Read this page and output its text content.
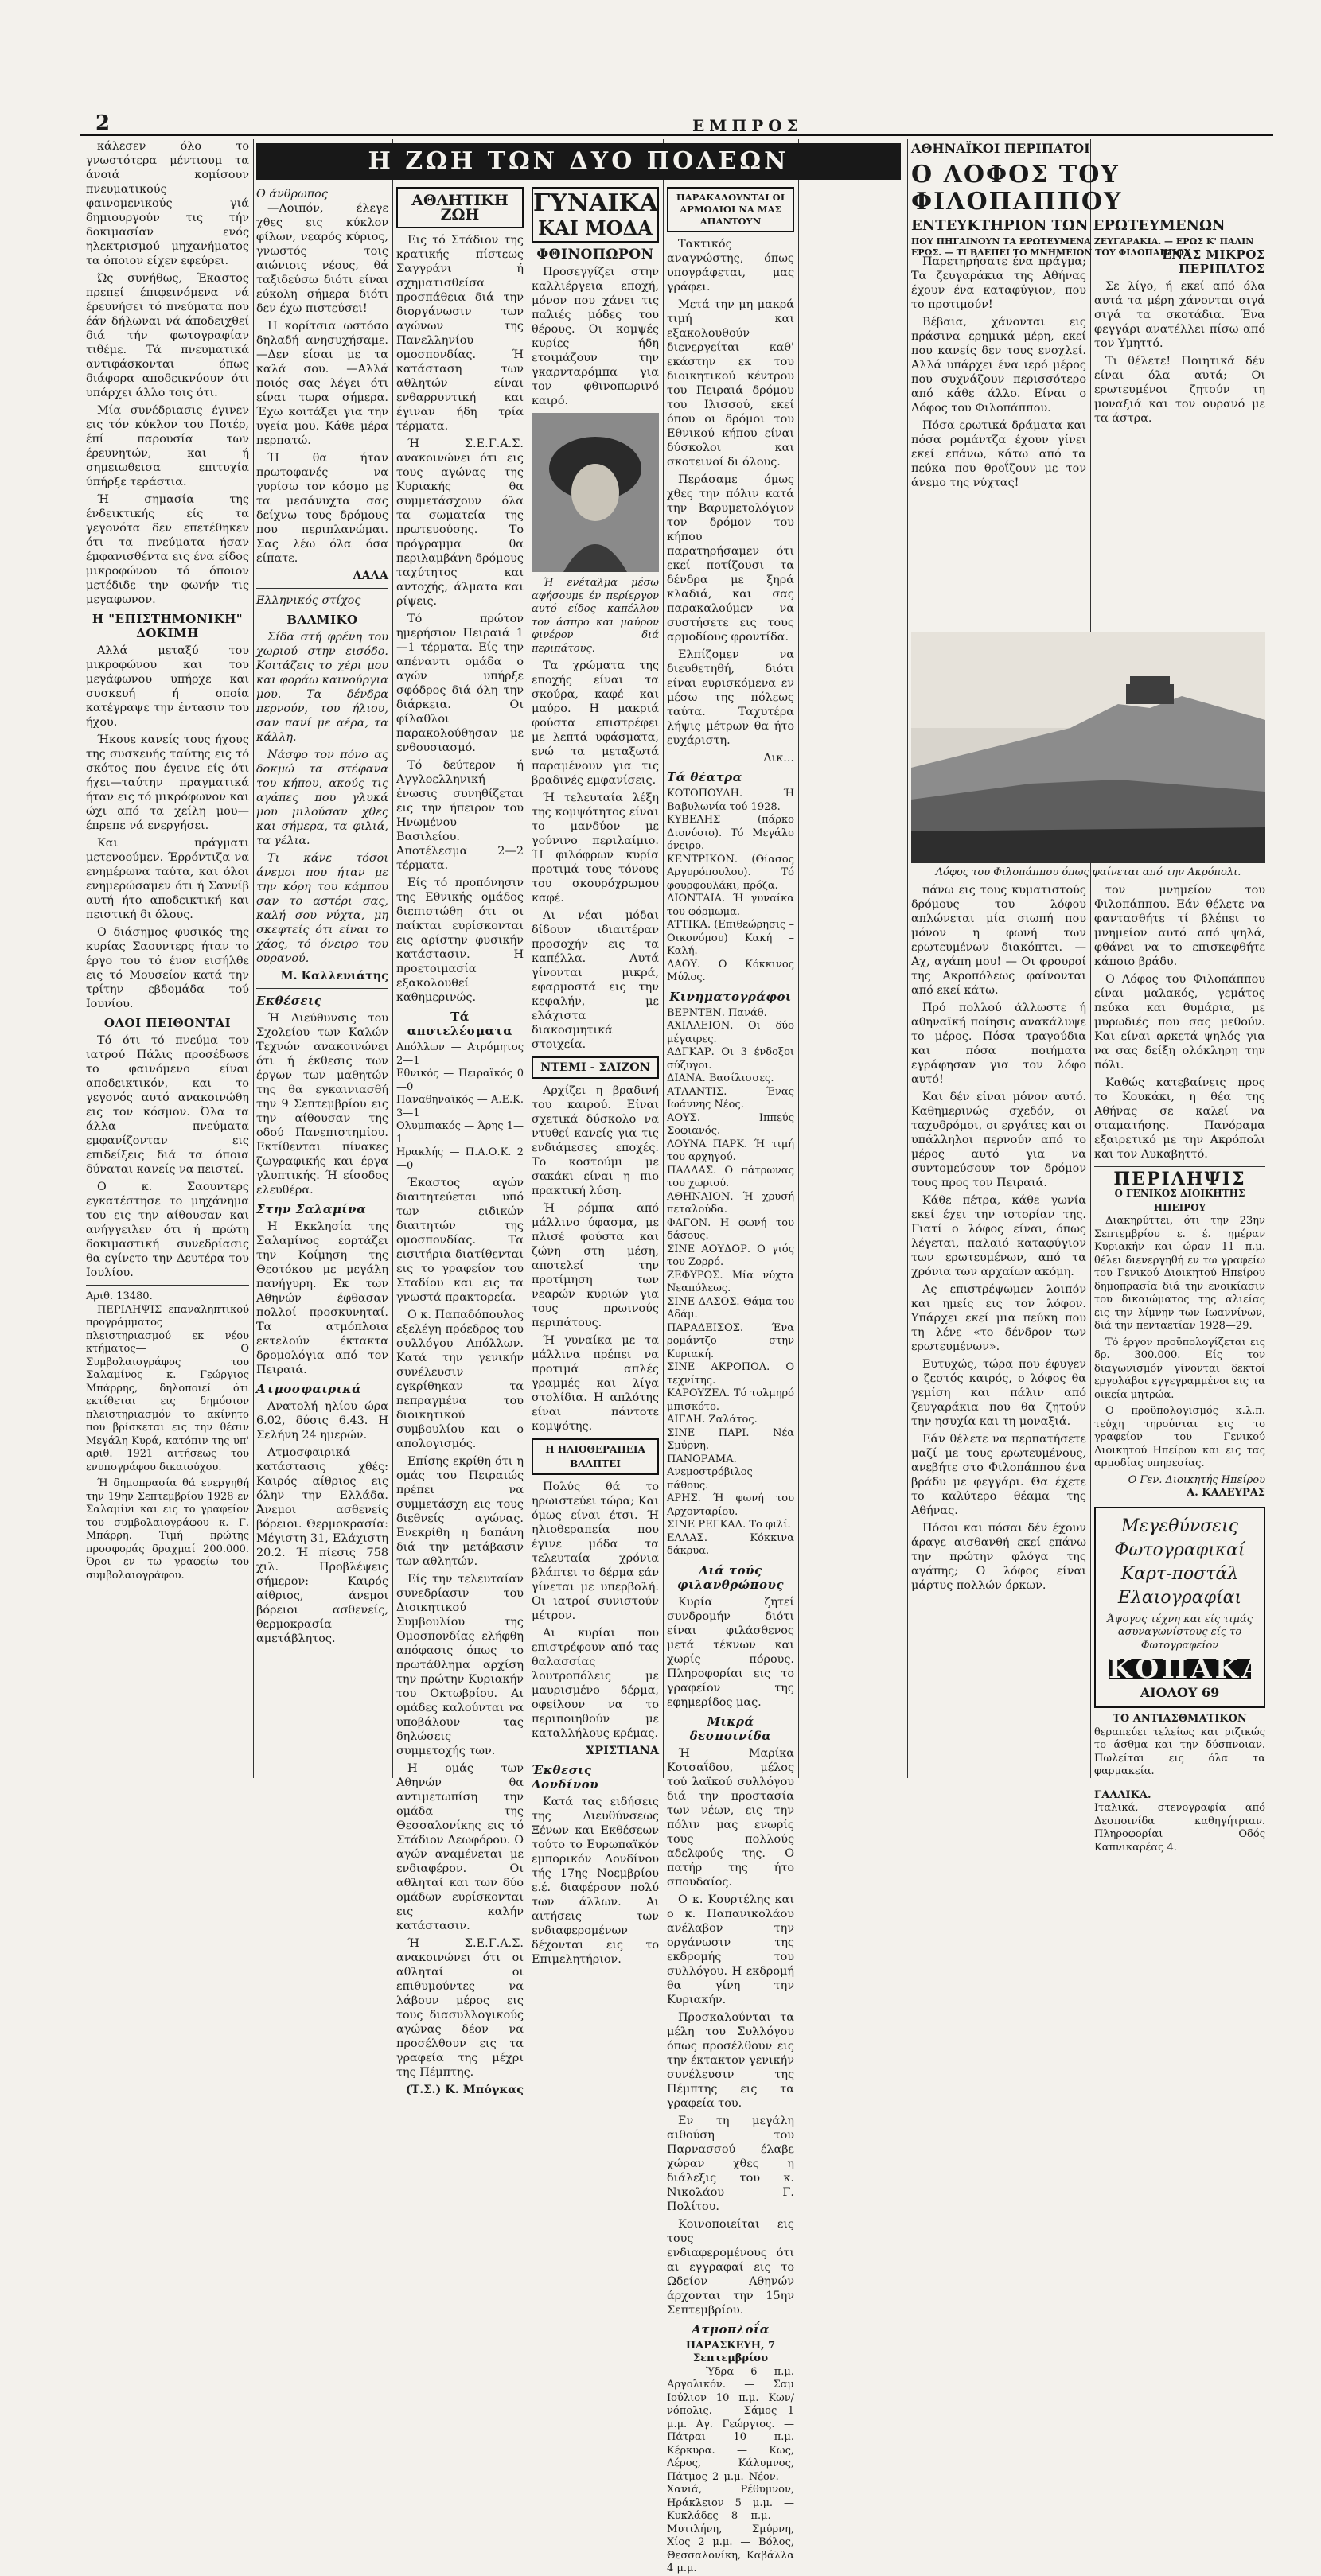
2	ΕΜΠΡΟΣ

κάλεσεν όλο το γνωστότερα μέντιουμ τα άνοιά κομίσουν πνευματικούς φαινομενικούς γιά δημιουργούν τις τήν δοκιμασίαν ενός ηλεκτρισμού μηχανήματος τα όποιον είχεν εφεύρει.

Ώς συνήθως, Έκαστος πρεπεί έπιφεινόμενα νά έρευνήσει τό πνεύματα που έάν δήλωναι νά άποδειχθεί διά τήν φωτογραφίαν τιθέμε. Τά πνευματικά αντιφάσκονται όπως διάφορα αποδεικνύουν ότι υπάρχει άλλο τοις ότι.

Μία συνέδριασις έγινεν εις τόν κύκλον του Ποτέρ, έπί παρουσία των έρευνητών, και ή σημειωθεισα επιτυχία ύπήρξε τεράστια.

Ή σημασία της ένδεικτικής είς τα γεγονότα δεν επετέθηκεν ότι τα πνεύματα ήσαν έμφανισθέντα εις ένα είδος μικροφώνου τό όποιον μετέδιδε την φωνήν τις μεγαφωνον.

Η "ΕΠΙΣΤΗΜΟΝΙΚΗ" ΔΟΚΙΜΗ

Αλλά μεταξύ του μικροφώνου και του μεγάφωνου υπήρχε και συσκευή ή οποία κατέγραψε την έντασιν του ήχου.

Ήκουε κανείς τους ήχους της συσκευής ταύτης εις τό σκότος που έγεινε είς ότι ήχει—ταύτην πραγματικά ήταν εις τό μικρόφωνον και ώχι από τα χείλη μου—έπρεπε νά ενεργήσει.

Και πράγματι μετενοούμεν. Έρρόντιζα να ενημέρωνα ταύτα, και όλοι ενημερώσαμεν ότι ή Σαννίβ αυτή ήτο αποδεικτική και πειστική δι όλους.

Ο διάσημος φυσικός της κυρίας Σαουντερς ήταν το έργο του τό ένον εισήλθε εις τό Μουσείον κατά την τρίτην εβδομάδα τού Ιουνίου.

ΟΛΟΙ ΠΕΙΘΟΝΤΑΙ

Τό ότι τό πνεύμα του ιατρού Πάλις προσέδωσε το φαινόμενο είναι αποδεικτικόν, και το γεγονός αυτό ανακοινώθη εις τον κόσμον. Όλα τα άλλα πνεύματα εμφανίζονταν εις επιδείξεις διά τα όποια δύναται κανείς να πειστεί.

Ο κ. Σαουντερς εγκατέστησε το μηχάνημα του εις την αίθουσαν και ανήγγειλεν ότι ή πρώτη δοκιμαστική συνεδρίασις θα εγίνετο την Δευτέρα του Ιουλίου.

Αριθ. 13480.

ΠΕΡΙΛΗΨΙΣ επαναληπτικού προγράμματος πλειστηριασμού εκ νέου κτήματος— Ο Συμβολαιογράφος του Σαλαμίνος κ. Γεώργιος Μπάρρης, δηλοποιεί ότι εκτίθεται εις δημόσιον πλειστηριασμόν το ακίνητο που βρίσκεται εις την θέσιν Μεγάλη Κυρά, κατόπιν της υπ' αριθ. 1921 αιτήσεως του ενυπογράφου δικαιούχου.

Ή δημοπρασία θά ενεργηθή την 19ην Σεπτεμβρίου 1928 εν Σαλαμίνι και εις το γραφείον του συμβολαιογράφου κ. Γ. Μπάρρη. Τιμή πρώτης προσφοράς δραχμαί 200.000. Όροι εν τω γραφείω του συμβολαιογράφου.

Η ΖΩΗ ΤΩΝ ΔΥΟ ΠΟΛΕΩΝ
Ο άνθρωπος

—Λοιπόν, έλεγε χθες εις κύκλον φίλων, νεαρός κύριος, γνωστός τοις αιώνιοις νέους, θά ταξιδεύσω διότι είναι εύκολη σήμερα διότι δεν έχω πιστεύσει!

Η κορίτσια ωστόσο δηλαδή ανησυχήσαμε. —Δεν είσαι με τα καλά σου. —Αλλά ποιός σας λέγει ότι είναι τωρα σήμερα. Έχω κοιτάξει για την υγεία μου. Κάθε μέρα περπατώ.

Ή θα ήταν πρωτοφανές να γυρίσω τον κόσμο με τα μεσάνυχτα σας δείχνω τους δρόμους που περιπλανώμαι. Σας λέω όλα όσα είπατε.

ΛΑΛΑ
Ελληνικός στίχος
ΒΑΛΜΙΚΟ

Σίδα στή φρένη του χωριού στην εισόδο. Κοιτάζεις το χέρι μου και φοράω καινούργια μου. Τα δένδρα περνούν, του ήλιου, σαν πανί με αέρα, τα κάλλη.

Νάσφο τον πόνο ας δοκμώ τα στέφανα του κήπου, ακούς τις αγάπες που γλυκά μου μιλούσαν χθες και σήμερα, τα φιλιά, τα γέλια.

Τι κάνε τόσοι άνεμοι που ήταν με την κόρη του κάμπου σαν το αστέρι σας, καλή σου νύχτα, μη σκεφτείς ότι είναι το χάος, τό όνειρο του ουρανού.

Μ. Καλλενιάτης
Εκθέσεις

Ή Διεύθυνσις του Σχολείου των Καλών Τεχνών ανακοινώνει ότι ή έκθεσις των έργων των μαθητών της θα εγκαινιασθή την 9 Σεπτεμβρίου εις την αίθουσαν της οδού Πανεπιστημίου. Εκτίθενται πίνακες ζωγραφικής και έργα γλυπτικής. Ή είσοδος ελευθέρα.

Στην Σαλαμίνα

Η Εκκλησία της Σαλαμίνος εορτάζει την Κοίμηση της Θεοτόκου με μεγάλη πανήγυρη. Εκ των Αθηνών έφθασαν πολλοί προσκυνηταί. Τα ατμόπλοια εκτελούν έκτακτα δρομολόγια από τον Πειραιά.

Ατμοσφαιρικά

Ανατολή ηλίου ώρα 6.02, δύσις 6.43. Η Σελήνη 24 ημερών.

Ατμοσφαιρικά κατάστασις χθές: Καιρός αίθριος εις όλην την Ελλάδα. Άνεμοι ασθενείς βόρειοι. Θερμοκρασία: Μέγιστη 31, Ελάχιστη 20.2. Ή πίεσις 758 χιλ. Προβλέψεις σήμερον: Καιρός αίθριος, άνεμοι βόρειοι ασθενείς, θερμοκρασία αμετάβλητος.

ΑΘΛΗΤΙΚΗ ΖΩΗ

Εις τό Στάδιον της κρατικής πίστεως Σαγγράνι ή σχηματισθείσα προσπάθεια διά την διοργάνωσιν των αγώνων της Πανελληνίου ομοσπονδίας. Ή κατάσταση των αθλητών είναι ενθαρρυντική και έγιναν ήδη τρία τέρματα.

Ή Σ.Ε.Γ.Α.Σ. ανακοινώνει ότι εις τους αγώνας της Κυριακής θα συμμετάσχουν όλα τα σωματεία της πρωτευούσης. Το πρόγραμμα θα περιλαμβάνη δρόμους ταχύτητος και αντοχής, άλματα και ρίψεις.

Τό πρώτον ημερήσιον Πειραιά 1—1 τέρματα. Είς την απέναντι ομάδα ο αγών υπήρξε σφόδρος διά όλη την διάρκεια. Οι φίλαθλοι παρακολούθησαν με ενθουσιασμό.

Τό δεύτερον ή Αγγλοελληνική ένωσις συνηθίζεται εις την ήπειρον του Ηνωμένου Βασιλείου. Αποτέλεσμα 2—2 τέρματα.

Είς τό προπόνησιν της Εθνικής ομάδος διεπιστώθη ότι οι παίκται ευρίσκονται εις αρίστην φυσικήν κατάστασιν. Η προετοιμασία εξακολουθεί καθημερινώς.

Τά αποτελέσματα
Απόλλων — Ατρόμητος 2—1
Εθνικός — Πειραϊκός 0—0
Παναθηναϊκός — Α.Ε.Κ. 3—1
Ολυμπιακός — Άρης 1—1
Ηρακλής — Π.Α.Ο.Κ. 2—0

Έκαστος αγών διαιτητεύεται υπό των ειδικών διαιτητών της ομοσπονδίας. Τα εισιτήρια διατίθενται εις το γραφείον του Σταδίου και εις τα γνωστά πρακτορεία.

Ο κ. Παπαδόπουλος εξελέγη πρόεδρος του συλλόγου Απόλλων. Κατά την γενικήν συνέλευσιν εγκρίθηκαν τα πεπραγμένα του διοικητικού συμβουλίου και ο απολογισμός.

Επίσης εκρίθη ότι η ομάς του Πειραιώς πρέπει να συμμετάσχη εις τους διεθνείς αγώνας. Ενεκρίθη η δαπάνη διά την μετάβασιν των αθλητών.

Είς την τελευταίαν συνεδρίασιν του Διοικητικού Συμβουλίου της Ομοσπονδίας ελήφθη απόφασις όπως το πρωτάθλημα αρχίση την πρώτην Κυριακήν του Οκτωβρίου. Αι ομάδες καλούνται να υποβάλουν τας δηλώσεις συμμετοχής των.

Η ομάς των Αθηνών θα αντιμετωπίση την ομάδα της Θεσσαλονίκης εις τό Στάδιον Λεωφόρου. Ο αγών αναμένεται με ενδιαφέρον. Οι αθληταί και των δύο ομάδων ευρίσκονται εις καλήν κατάστασιν.

Ή Σ.Ε.Γ.Α.Σ. ανακοινώνει ότι οι αθληταί οι επιθυμούντες να λάβουν μέρος εις τους διασυλλογικούς αγώνας δέον να προσέλθουν εις τα γραφεία της μέχρι της Πέμπτης.

(Τ.Σ.) Κ. Μπόγκας
ΓΥΝΑΙΚΑ
ΚΑΙ ΜΟΔΑ
ΦΘΙΝΟΠΩΡΟΝ

Προσεγγίζει στην καλλιέργεια εποχή, μόνον που χάνει τις παλιές μόδες του θέρους. Οι κομψές κυρίες ήδη ετοιμάζουν την γκαρνταρόμπα για τον φθινοπωρινό καιρό.

Ή ενέταλμα μέσω αφήσουμε έν περίεργον αυτό είδος καπέλλου τον άσπρο και μαύρον φινέρον διά περιπάτους.

Τα χρώματα της εποχής είναι τα σκούρα, καφέ και μαύρο. Η μακριά φούστα επιστρέφει με λεπτά υφάσματα, ενώ τα μεταξωτά παραμένουν για τις βραδινές εμφανίσεις.

Ή τελευταία λέξη της κομψότητος είναι το μανδύον με γούνινο περιλαίμιο. Ή φιλόφρων κυρία προτιμά τους τόνους του σκουρόχρωμου καφέ.

Αι νέαι μόδαι δίδουν ιδιαιτέραν προσοχήν εις τα καπέλλα. Αυτά γίνονται μικρά, εφαρμοστά εις την κεφαλήν, με ελάχιστα διακοσμητικά στοιχεία.

ΝΤΕΜΙ - ΣΑΙΖΟΝ

Αρχίζει η βραδινή του καιρού. Είναι σχετικά δύσκολο να ντυθεί κανείς για τις ενδιάμεσες εποχές. Το κοστούμι με σακάκι είναι η πιο πρακτική λύση.

Ή ρόμπα από μάλλινο ύφασμα, με πλισέ φούστα και ζώνη στη μέση, αποτελεί την προτίμηση των νεαρών κυριών για τους πρωινούς περιπάτους.

Ή γυναίκα με τα μάλλινα πρέπει να προτιμά απλές γραμμές και λίγα στολίδια. Η απλότης είναι πάντοτε κομψότης.

Η ΗΛΙΟΘΕΡΑΠΕΙΑ ΒΛΑΠΤΕΙ

Πολύς θά το ηρωιστεύει τώρα; Και όμως είναι έτσι. Ή ηλιοθεραπεία που έγινε μόδα τα τελευταία χρόνια βλάπτει το δέρμα εάν γίνεται με υπερβολή. Οι ιατροί συνιστούν μέτρον.

Αι κυρίαι που επιστρέφουν από τας θαλασσίας λουτροπόλεις με μαυρισμένο δέρμα, οφείλουν να το περιποιηθούν με καταλλήλους κρέμας.

ΧΡΙΣΤΙΑΝΑ
Έκθεσις Λονδίνου

Κατά τας ειδήσεις της Διευθύνσεως Ξένων και Εκθέσεων τούτο το Ευρωπαϊκόν εμπορικόν Λονδίνου τής 17ης Νοεμβρίου ε.έ. διαφέρουν πολύ των άλλων. Αι αιτήσεις των ενδιαφερομένων δέχονται εις το Επιμελητήριον.

ΠΑΡΑΚΑΛΟΥΝΤΑΙ ΟΙ ΑΡΜΟΔΙΟΙ ΝΑ ΜΑΣ ΑΠΑΝΤΟΥΝ

Τακτικός αναγνώστης, όπως υπογράφεται, μας γράφει.

Μετά την μη μακρά τιμή και εξακολουθούν διενεργείται καθ' εκάστην εκ του διοικητικού κέντρου του Πειραιά δρόμου του Ιλισσού, εκεί όπου οι δρόμοι του Εθνικού κήπου είναι δύσκολοι και σκοτεινοί δι όλους.

Περάσαμε όμως χθες την πόλιν κατά την Βαρυμετολόγιον τον δρόμον του κήπου παρατηρήσαμεν ότι εκεί ποτίζουσι τα δένδρα με ξηρά κλαδιά, και σας παρακαλούμεν να συστήσετε εις τους αρμοδίους φροντίδα.

Ελπίζομεν να διευθετηθή, διότι είναι ευρισκόμενα εν μέσω της πόλεως ταύτα. Ταχυτέρα λήψις μέτρων θα ήτο ευχάριστη.

Δικ...
Τά θέατρα
ΚΟΤΟΠΟΥΛΗ. Ή Βαβυλωνία τού 1928.
ΚΥΒΕΛΗΣ (πάρκο Διονύσιο). Τό Μεγάλο όνειρο.
ΚΕΝΤΡΙΚΟΝ. (Θίασος Αργυρόπουλου). Τό φουρφουλάκι, πρόζα.
ΛΙΟΝΤΑΙΑ. Ή γυναίκα του φόρμωμα.
ΑΤΤΙΚΑ. (Επιθεώρησις – Οικονόμου) Κακή – Καλή.
ΛΑΟΥ. Ο Κόκκινος Μύλος.
Κινηματογράφοι
ΒΕΡΝΤΕΝ. Πανάθ.
ΑΧΙΛΛΕΙΟΝ. Οι δύο μέγαιρες.
ΑΔΓΚΑΡ. Οι 3 ένδοξοι σύζυγοι.
ΔΙΑΝΑ. Βασίλισσες.
ΑΤΛΑΝΤΙΣ. Ένας Ιωάννης Νέος.
ΑΟΥΣ. Ιππεύς Σοφιανός.
ΛΟΥΝΑ ΠΑΡΚ. Ή τιμή του αρχηγού.
ΠΑΛΛΑΣ. Ο πάτρωνας του χωριού.
ΑΘΗΝΑΙΟΝ. Ή χρυσή πεταλούδα.
ΦΑΓΟΝ. Η φωνή του δάσους.
ΣΙΝΕ ΑΟΥΔΟΡ. Ο γιός του Ζορρό.
ΖΕΦΥΡΟΣ. Μία νύχτα Νεαπόλεως.
ΣΙΝΕ ΔΑΣΟΣ. Θάμα του Αδάμ.
ΠΑΡΑΔΕΙΣΟΣ. Ένα ρομάντζο στην Κυριακή.
ΣΙΝΕ ΑΚΡΟΠΟΛ. Ο τεχνίτης.
ΚΑΡΟΥΖΕΛ. Τό τολμηρό μπισκότο.
ΑΙΓΛΗ. Ζαλάτος.
ΣΙΝΕ ΠΑΡΙ. Νέα Σμύρνη.
ΠΑΝΟΡΑΜΑ. Ανεμοστρόβιλος πάθους.
ΑΡΗΣ. Ή φωνή του Αρχονταρίου.
ΣΙΝΕ ΡΕΓΚΑΛ. Το φιλί.
ΕΛΛΑΣ. Κόκκινα δάκρυα.
Διά τούς φιλανθρώπους

Κυρία ζητεί συνδρομήν διότι είναι φιλάσθενος μετά τέκνων και χωρίς πόρους. Πληροφορίαι εις το γραφείον της εφημερίδος μας.

Μικρά δεσποινίδα

Ή Μαρίκα Κοτσαΐδου, μέλος τού λαϊκού συλλόγου διά την προστασία των νέων, εις την πόλιν μας ενωρίς τους πολλούς αδελφούς της. Ο πατήρ της ήτο σπουδαίος.

Ο κ. Κουρτέλης και ο κ. Παπανικολάου ανέλαβον την οργάνωσιν της εκδρομής του συλλόγου. Η εκδρομή θα γίνη την Κυριακήν.

Προσκαλούνται τα μέλη του Συλλόγου όπως προσέλθουν εις την έκτακτον γενικήν συνέλευσιν της Πέμπτης εις τα γραφεία του.

Εν τη μεγάλη αιθούση του Παρνασσού έλαβε χώραν χθες η διάλεξις του κ. Νικολάου Γ. Πολίτου.

Κοινοποιείται εις τους ενδιαφερομένους ότι αι εγγραφαί εις το Ωδείον Αθηνών άρχονται την 15ην Σεπτεμβρίου.

Ατμοπλοΐα
ΠΑΡΑΣΚΕΥΗ, 7 Σεπτεμβρίου

— Ύδρα 6 π.μ. Αργολικόν. — Σαμ Ιούλιον 10 π.μ. Κων/νόπολις. — Σάμος 1 μ.μ. Αγ. Γεώργιος. — Πάτραι 10 π.μ. Κέρκυρα. — Κως, Λέρος, Κάλυμνος, Πάτμος 2 μ.μ. Νέον. — Χανιά, Ρέθυμνον, Ηράκλειον 5 μ.μ. — Κυκλάδες 8 π.μ. — Μυτιλήνη, Σμύρνη, Χίος 2 μ.μ. — Βόλος, Θεσσαλονίκη, Καβάλλα 4 μ.μ.

ΑΘΗΝΑΪΚΟΙ ΠΕΡΙΠΑΤΟΙ
Ο ΛΟΦΟΣ ΤΟΥ ΦΙΛΟΠΑΠΠΟΥ
ΕΝΤΕΥΚΤΗΡΙΟΝ ΤΩΝ ΕΡΩΤΕΥΜΕΝΩΝ
ΠΟΥ ΠΗΓΑΙΝΟΥΝ ΤΑ ΕΡΩΤΕΥΜΕΝΑ ΖΕΥΓΑΡΑΚΙΑ. — ΕΡΩΣ Κ' ΠΑΛΙΝ ΕΡΩΣ. — ΤΙ ΒΛΕΠΕΙ ΤΟ ΜΝΗΜΕΙΟΝ ΤΟΥ ΦΙΛΟΠΑΠΠΟΥ

Παρετηρήσατε ένα πράγμα; Τα ζευγαράκια της Αθήνας έχουν ένα καταφύγιον, που το προτιμούν!

Βέβαια, χάνονται εις πράσινα ερημικά μέρη, εκεί που κανείς δεν τους ενοχλεί. Αλλά υπάρχει ένα ιερό μέρος που συχνάζουν περισσότερο από κάθε άλλο. Είναι ο Λόφος του Φιλοπάππου.

Πόσα ερωτικά δράματα και πόσα ρομάντζα έχουν γίνει εκεί επάνω, κάτω από τα πεύκα που θροΐζουν με τον άνεμο της νύχτας!

ΕΝΑΣ ΜΙΚΡΟΣ ΠΕΡΙΠΑΤΟΣ

Σε λίγο, ή εκεί από όλα αυτά τα μέρη χάνονται σιγά σιγά τα σκοτάδια. Ένα φεγγάρι ανατέλλει πίσω από τον Υμηττό.

Τι θέλετε! Ποιητικά δέν είναι όλα αυτά; Οι ερωτευμένοι ζητούν τη μοναξιά και τον ουρανό με τα άστρα.

Λόφος του Φιλοπάππου όπως φαίνεται από την Ακρόπολι.

πάνω εις τους κυματιστούς δρόμους του λόφου απλώνεται μία σιωπή που μόνον η φωνή των ερωτευμένων διακόπτει. — Αχ, αγάπη μου! — Οι φρουροί της Ακροπόλεως φαίνονται από εκεί κάτω.

Πρό πολλού άλλωστε ή αθηναϊκή ποίησις ανακάλυψε το μέρος. Πόσα τραγούδια και πόσα ποιήματα εγράφησαν για τον λόφο αυτό!

Και δέν είναι μόνον αυτό. Καθημερινώς σχεδόν, οι ταχυδρόμοι, οι εργάτες και οι υπάλληλοι περνούν από το μέρος αυτό για να συντομεύσουν τον δρόμον τους προς τον Πειραιά.

Κάθε πέτρα, κάθε γωνία εκεί έχει την ιστορίαν της. Γιατί ο λόφος είναι, όπως λέγεται, παλαιό καταφύγιον των ερωτευμένων, από τα χρόνια των αρχαίων ακόμη.

Ας επιστρέψωμεν λοιπόν και ημείς εις τον λόφον. Υπάρχει εκεί μια πεύκη που τη λένε «το δένδρον των ερωτευμένων».

Ευτυχώς, τώρα που έφυγεν ο ζεστός καιρός, ο λόφος θα γεμίση και πάλιν από ζευγαράκια που θα ζητούν την ησυχία και τη μοναξιά.

Εάν θέλετε να περπατήσετε μαζί με τους ερωτευμένους, ανεβήτε στο Φιλοπάππου ένα βράδυ με φεγγάρι. Θα έχετε το καλύτερο θέαμα της Αθήνας.

Πόσοι και πόσαι δέν έχουν άραγε αισθανθή εκεί επάνω την πρώτην φλόγα της αγάπης; Ο λόφος είναι μάρτυς πολλών όρκων.

τον μνημείον του Φιλοπάππου. Εάν θέλετε να φαντασθήτε τί βλέπει το μνημείον αυτό από ψηλά, φθάνει να το επισκεφθήτε κάποιο βράδυ.

Ο Λόφος του Φιλοπάππου είναι μαλακός, γεμάτος πεύκα και θυμάρια, με μυρωδιές που σας μεθούν. Και είναι αρκετά ψηλός για να σας δείξη ολόκληρη την πόλι.

Καθώς κατεβαίνεις προς το Κουκάκι, η θέα της Αθήνας σε καλεί να σταματήσης. Πανόραμα εξαιρετικό με την Ακρόπολι και τον Λυκαβηττό.

ΠΕΡΙΛΗΨΙΣ
Ο ΓΕΝΙΚΟΣ ΔΙΟΙΚΗΤΗΣ ΗΠΕΙΡΟΥ

Διακηρύττει, ότι την 23ην Σεπτεμβρίου ε. έ. ημέραν Κυριακήν και ώραν 11 π.μ. θέλει διενεργηθή εν τω γραφείω του Γενικού Διοικητού Ηπείρου δημοπρασία διά την ενοικίασιν του δικαιώματος της αλιείας εις την λίμνην των Ιωαννίνων, διά την πενταετίαν 1928—29.

Τό έργον προϋπολογίζεται εις δρ. 300.000. Είς τον διαγωνισμόν γίνονται δεκτοί εργολάβοι εγγεγραμμένοι εις τα οικεία μητρώα.

Ο προϋπολογισμός κ.λ.π. τεύχη τηρούνται εις το γραφείον του Γενικού Διοικητού Ηπείρου και εις τας αρμοδίας υπηρεσίας.

Ο Γεν. Διοικητής Ηπείρου
Α. ΚΑΛΕΥΡΑΣ
Μεγεθύνσεις
Φωτογραφικαί
Καρτ-ποστάλ
Ελαιογραφίαι
Άψογος τέχνη και είς τιμάς ασυναγωνίστους είς το Φωτογραφείον
ΚΟΠΑΚΑΚΗ
ΑΙΟΛΟΥ 69
ΤΟ ΑΝΤΙΑΣΘΜΑΤΙΚΟΝ
θεραπεύει τελείως και ριζικώς το άσθμα και την δύσπνοιαν. Πωλείται εις όλα τα φαρμακεία.
ΓΑΛΛΙΚΑ.
Ιταλικά, στενογραφία από Δεσποινίδα καθηγήτριαν. Πληροφορίαι Οδός Καπνικαρέας 4.
